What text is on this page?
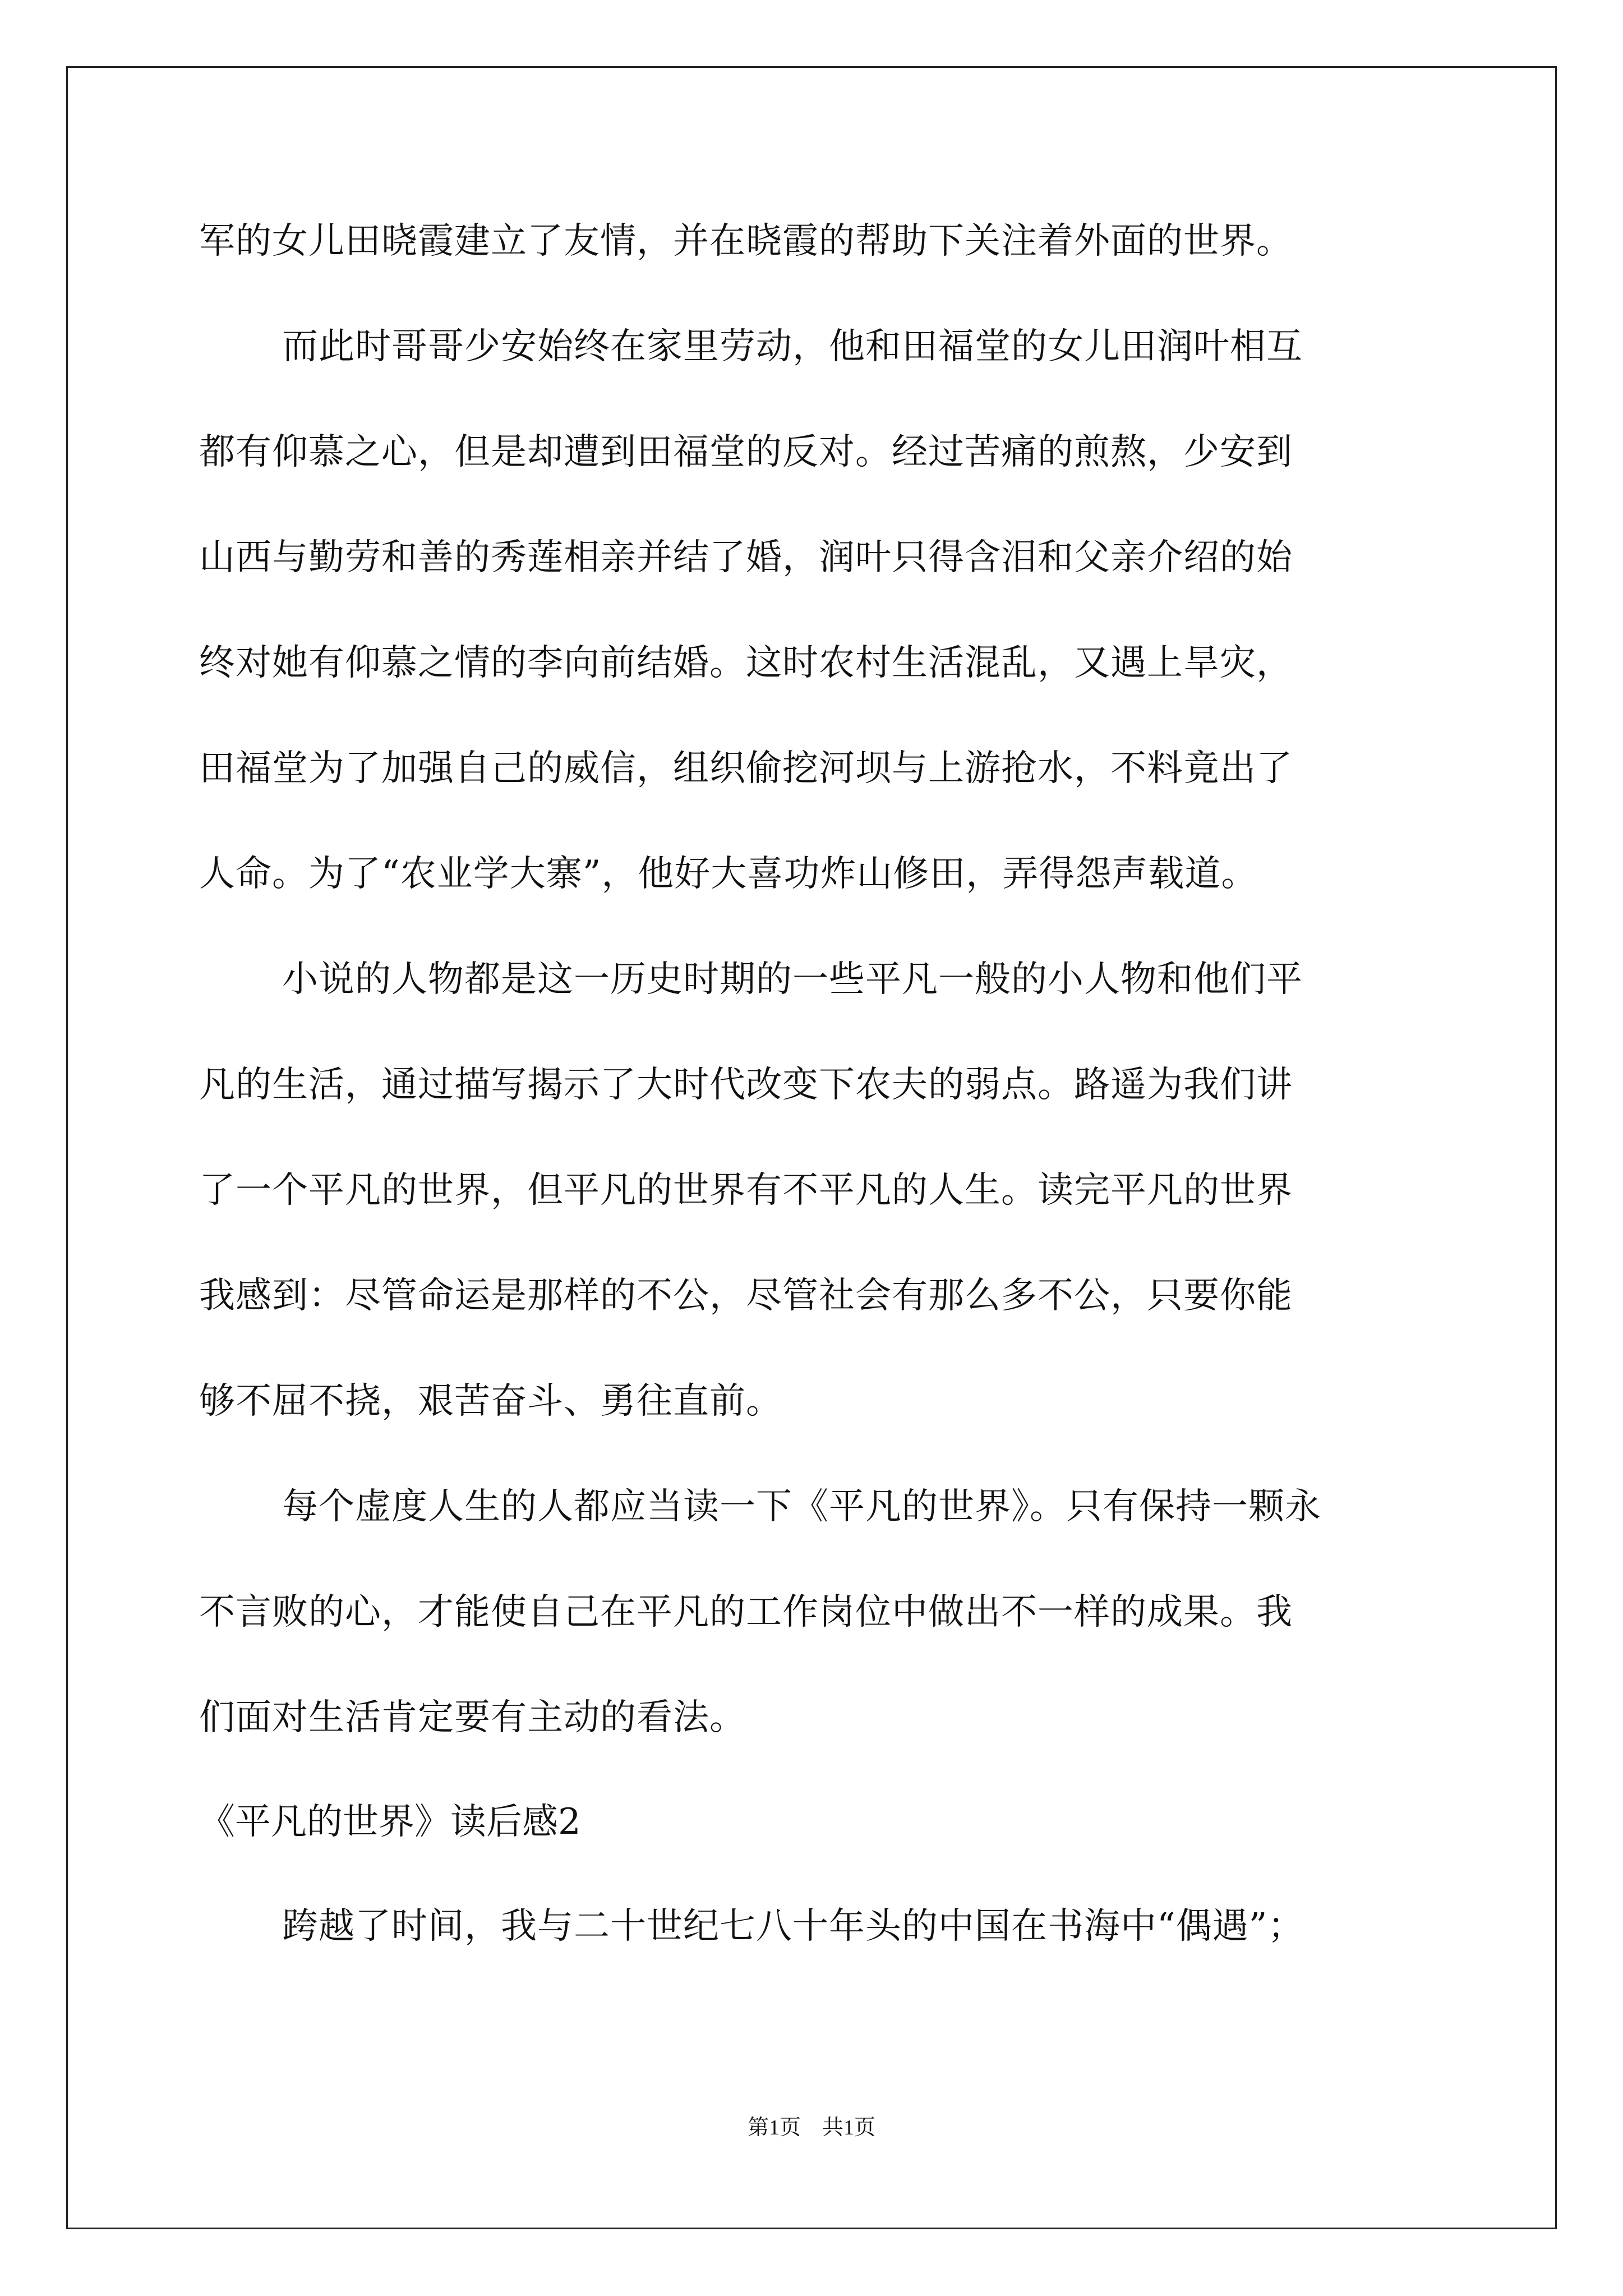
军的女儿田晓霞建立了友情，并在晓霞的帮助下关注着外面的世界。
而此时哥哥少安始终在家里劳动，他和田福堂的女儿田润叶相互
都有仰慕之心，但是却遭到田福堂的反对。经过苦痛的煎熬，少安到
山西与勤劳和善的秀莲相亲并结了婚，润叶只得含泪和父亲介绍的始
终对她有仰慕之情的李向前结婚。这时农村生活混乱，又遇上旱灾，
田福堂为了加强自己的威信，组织偷挖河坝与上游抢水，不料竟出了
人命。为了“农业学大寨”，他好大喜功炸山修田，弄得怨声载道。
小说的人物都是这一历史时期的一些平凡一般的小人物和他们平
凡的生活，通过描写揭示了大时代改变下农夫的弱点。路遥为我们讲
了一个平凡的世界，但平凡的世界有不平凡的人生。读完平凡的世界
我感到：尽管命运是那样的不公，尽管社会有那么多不公，只要你能
够不屈不挠，艰苦奋斗、勇往直前。
每个虚度人生的人都应当读一下《平凡的世界》。只有保持一颗永
不言败的心，才能使自己在平凡的工作岗位中做出不一样的成果。我
们面对生活肯定要有主动的看法。
《平凡的世界》读后感2
跨越了时间，我与二十世纪七八十年头的中国在书海中“偶遇”；
第1页　共1页
